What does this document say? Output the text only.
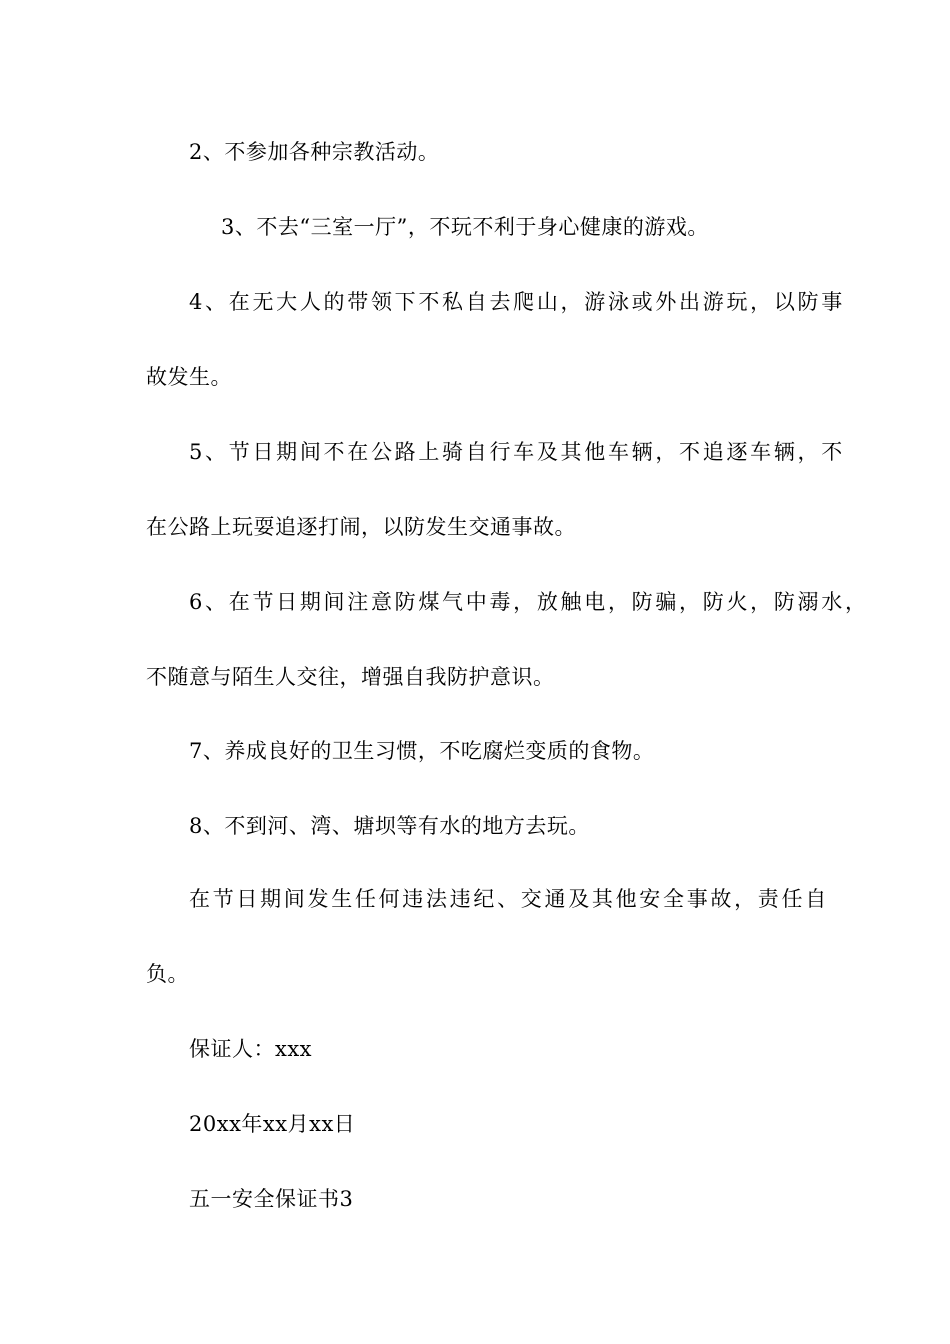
2、不参加各种宗教活动。
3、不去“三室一厅”，不玩不利于身心健康的游戏。
4、在无大人的带领下不私自去爬山，游泳或外出游玩，以防事
故发生。
5、节日期间不在公路上骑自行车及其他车辆，不追逐车辆，不
在公路上玩耍追逐打闹，以防发生交通事故。
6、在节日期间注意防煤气中毒，放触电，防骗，防火，防溺水，
不随意与陌生人交往，增强自我防护意识。
7、养成良好的卫生习惯，不吃腐烂变质的食物。
8、不到河、湾、塘坝等有水的地方去玩。
在节日期间发生任何违法违纪、交通及其他安全事故，责任自
负。
保证人：xxx
20xx年xx月xx日
五一安全保证书3
